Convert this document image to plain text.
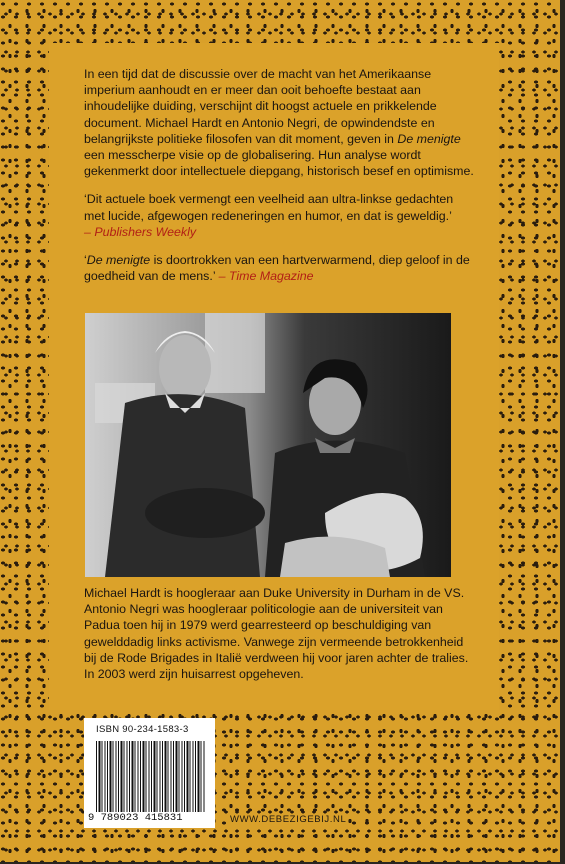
In een tijd dat de discussie over de macht van het Amerikaanse imperium aanhoudt en er meer dan ooit behoefte bestaat aan inhoudelijke duiding, verschijnt dit hoogst actuele en prikkelende document. Michael Hardt en Antonio Negri, de opwindendste en belangrijkste politieke filosofen van dit moment, geven in De menigte een messcherpe visie op de globalisering. Hun analyse wordt gekenmerkt door intellectuele diepgang, historisch besef en optimisme.

‘Dit actuele boek vermengt een veelheid aan ultra-linkse gedachten met lucide, afgewogen redeneringen en humor, en dat is geweldig.’
– Publishers Weekly

‘De menigte is doortrokken van een hartverwarmend, diep geloof in de goedheid van de mens.’ – Time Magazine

Michael Hardt is hoogleraar aan Duke University in Durham in de VS. Antonio Negri was hoogleraar politicologie aan de universiteit van Padua toen hij in 1979 werd gearresteerd op beschuldiging van gewelddadig links activisme. Vanwege zijn vermeende betrokkenheid bij de Rode Brigades in Italië verdween hij voor jaren achter de tralies. In 2003 werd zijn huisarrest opgeheven.
ISBN 90-234-1583-3
9 789023 415831	WWW.DEBEZIGEBIJ.NL
